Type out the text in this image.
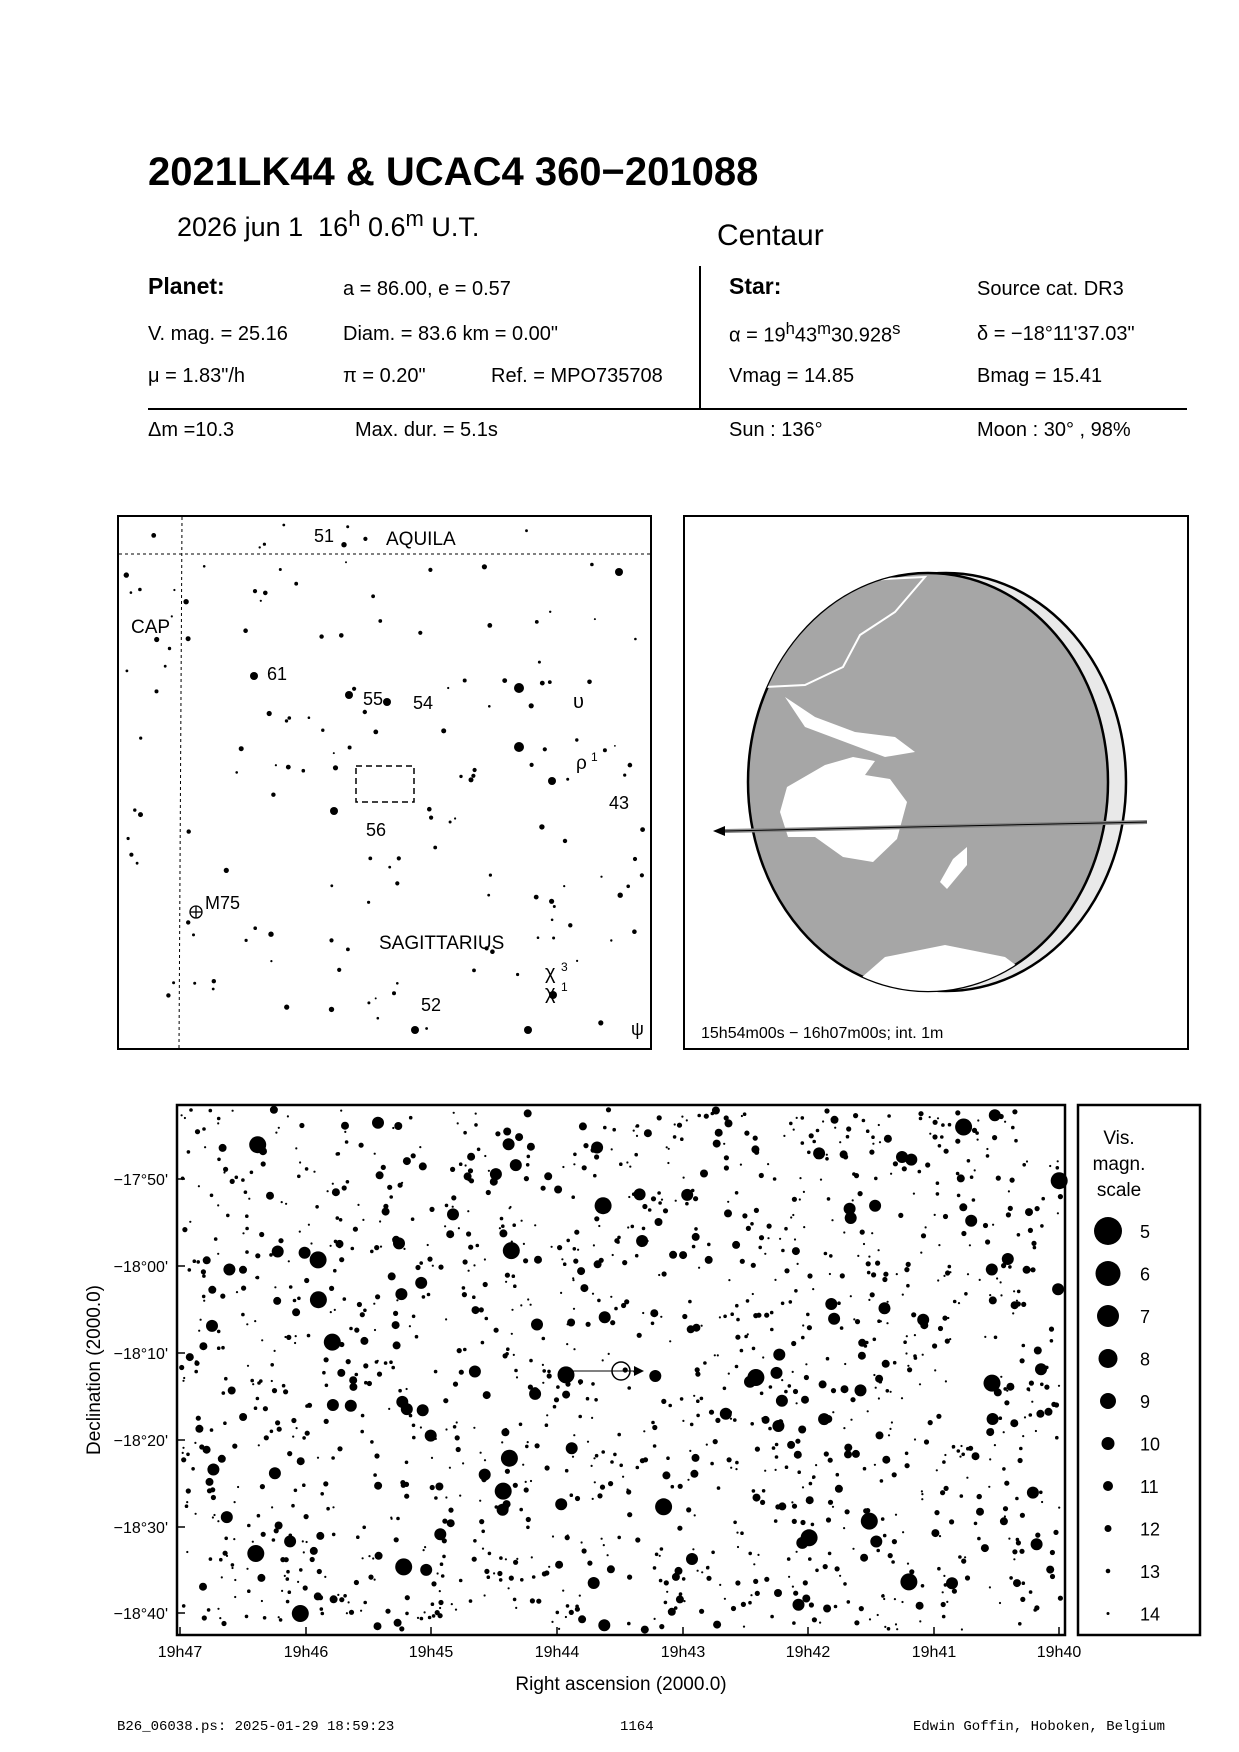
2021LK44 & UCAC4 360−201088
2026 jun 1 16$^h$ 0.6$^m$ U.T.	Centaur
Planet:	a = 86.00, e = 0.57
V. mag. = 25.16	Diam. = 83.6 km = 0.00"
μ = 1.83"/h	π = 0.20"	Ref. = MPO735708
Δm =10.3	Max. dur. = 5.1s
Star:	Source cat. DR3
$\alpha = 19^h43^m30.928^s$	δ = −18°11'37.03"
Vmag = 14.85	Bmag = 15.41
Sun : 136°	Moon : 30° , 98%
AQUILA
CAP
SAGITTARIUS
51
61
55 54	υ
ρ 1
43
56
M75
χ 3
χ 1
52
ψ	15h54m00s − 16h07m00s; int. 1m
−17°50'
−18°00'
−18°10'
−18°20'
−18°30'
−18°40'
19h47	19h46	19h45	19h44	19h43	19h42	19h41	19h40
Right ascension (2000.0)
Declination (2000.0)
Vis.
magn.
scale
5
6
7
8
9
10
11
12
13
14
B26_06038.ps: 2025-01-29 18:59:23	1164	Edwin Goffin, Hoboken, Belgium
